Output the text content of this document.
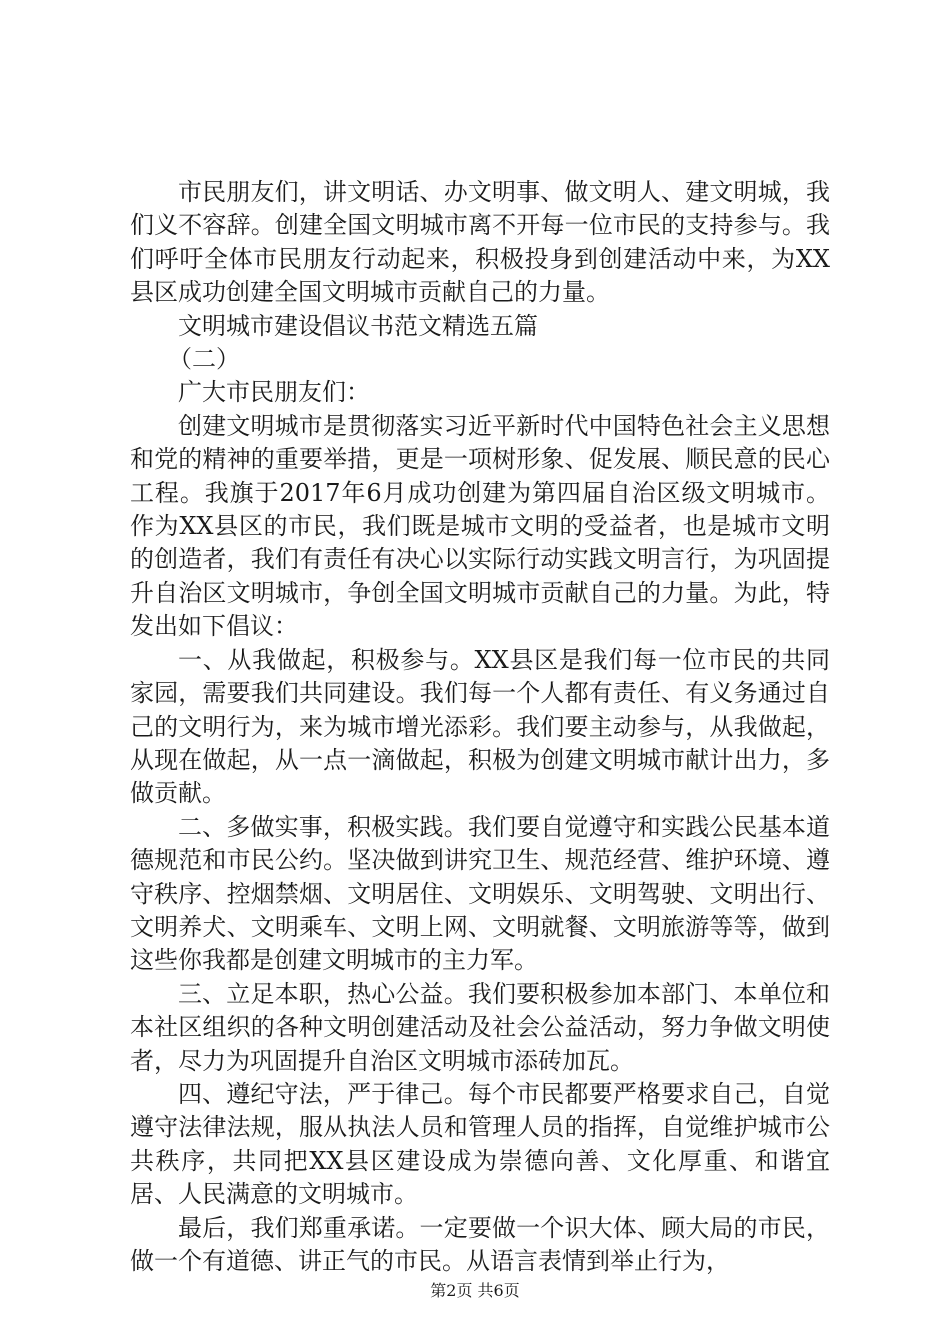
市民朋友们，讲文明话、办文明事、做文明人、建文明城，我们义不容辞。创建全国文明城市离不开每一位市民的支持参与。我们呼吁全体市民朋友行动起来，积极投身到创建活动中来，为XX县区成功创建全国文明城市贡献自己的力量。

文明城市建设倡议书范文精选五篇

（二）

广大市民朋友们：

创建文明城市是贯彻落实习近平新时代中国特色社会主义思想和党的精神的重要举措，更是一项树形象、促发展、顺民意的民心工程。我旗于2017年6月成功创建为第四届自治区级文明城市。作为XX县区的市民，我们既是城市文明的受益者，也是城市文明的创造者，我们有责任有决心以实际行动实践文明言行，为巩固提升自治区文明城市，争创全国文明城市贡献自己的力量。为此，特发出如下倡议：

一、从我做起，积极参与。XX县区是我们每一位市民的共同家园，需要我们共同建设。我们每一个人都有责任、有义务通过自己的文明行为，来为城市增光添彩。我们要主动参与，从我做起，从现在做起，从一点一滴做起，积极为创建文明城市献计出力，多做贡献。

二、多做实事，积极实践。我们要自觉遵守和实践公民基本道德规范和市民公约。坚决做到讲究卫生、规范经营、维护环境、遵守秩序、控烟禁烟、文明居住、文明娱乐、文明驾驶、文明出行、文明养犬、文明乘车、文明上网、文明就餐、文明旅游等等，做到这些你我都是创建文明城市的主力军。

三、立足本职，热心公益。我们要积极参加本部门、本单位和本社区组织的各种文明创建活动及社会公益活动，努力争做文明使者，尽力为巩固提升自治区文明城市添砖加瓦。

四、遵纪守法，严于律己。每个市民都要严格要求自己，自觉遵守法律法规，服从执法人员和管理人员的指挥，自觉维护城市公共秩序，共同把XX县区建设成为崇德向善、文化厚重、和谐宜居、人民满意的文明城市。

最后，我们郑重承诺。一定要做一个识大体、顾大局的市民，做一个有道德、讲正气的市民。从语言表情到举止行为，

第2页 共6页
